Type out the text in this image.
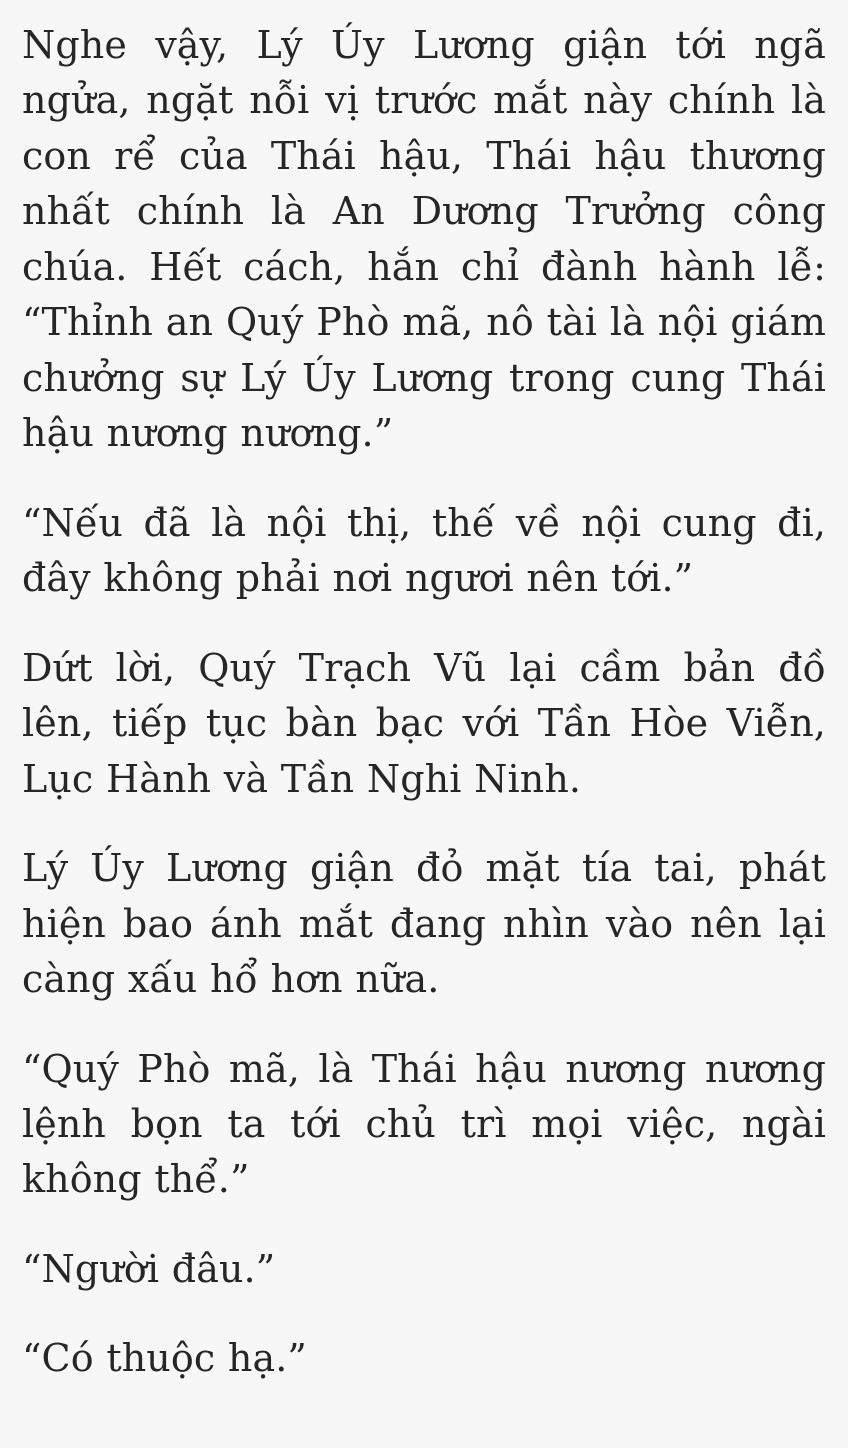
Nghe vậy, Lý Úy Lương giận tới ngã ngửa, ngặt nỗi vị trước mắt này chính là con rể của Thái hậu, Thái hậu thương nhất chính là An Dương Trưởng công chúa. Hết cách, hắn chỉ đành hành lễ: “Thỉnh an Quý Phò mã, nô tài là nội giám chưởng sự Lý Úy Lương trong cung Thái hậu nương nương.”

“Nếu đã là nội thị, thế về nội cung đi, đây không phải nơi ngươi nên tới.”

Dứt lời, Quý Trạch Vũ lại cầm bản đồ lên, tiếp tục bàn bạc với Tần Hòe Viễn, Lục Hành và Tần Nghi Ninh.

Lý Úy Lương giận đỏ mặt tía tai, phát hiện bao ánh mắt đang nhìn vào nên lại càng xấu hổ hơn nữa.

“Quý Phò mã, là Thái hậu nương nương lệnh bọn ta tới chủ trì mọi việc, ngài không thể.”

“Người đâu.”

“Có thuộc hạ.”
